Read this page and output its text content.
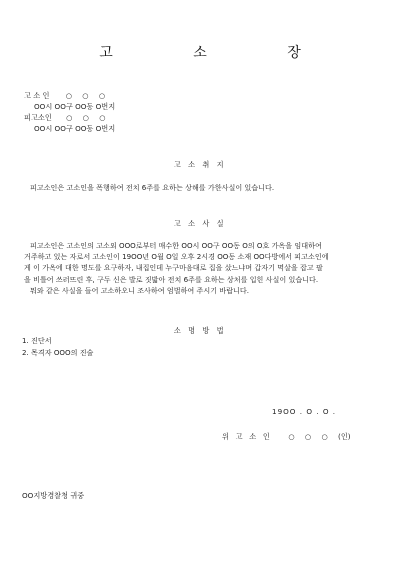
고 소 장
고 소 인 ○ ○ ○
OO시 OO구 OO동 O번지
피고소인 ○ ○ ○
OO시 OO구 OO동 O번지
고 소 취 지
피고소인은 고소인을 폭행하여 전치 6주를 요하는 상해를 가한사실이 있습니다.
고 소 사 실
피고소인은 고소인의 고소외 OOO로부터 매수한 OO시 OO구 OO동 O의 O호 가옥을 임대하여
거주하고 있는 자로서 고소인이 19OO년 O월 O일 오후 2시경 OO동 소재 OO다방에서 피고소인에
게 이 가옥에 대한 명도를 요구하자, 내집인데 누구마음대로 집을 샀느냐며 갑자기 멱살을 잡고 팔
을 비틀어 쓰러뜨린 후, 구두 신은 발로 짓밟아 전치 6주를 요하는 상처를 입힌 사실이 있습니다.
뭐와 같은 사실을 들어 고소하오니 조사하여 엄벌하여 주시기 바랍니다.
소 명 방 법
1. 진단서
2. 목격자 OOO의 진술
19OO . O . O .
위 고 소 인 ○ ○ ○ (인)
OO지방경찰청 귀중
